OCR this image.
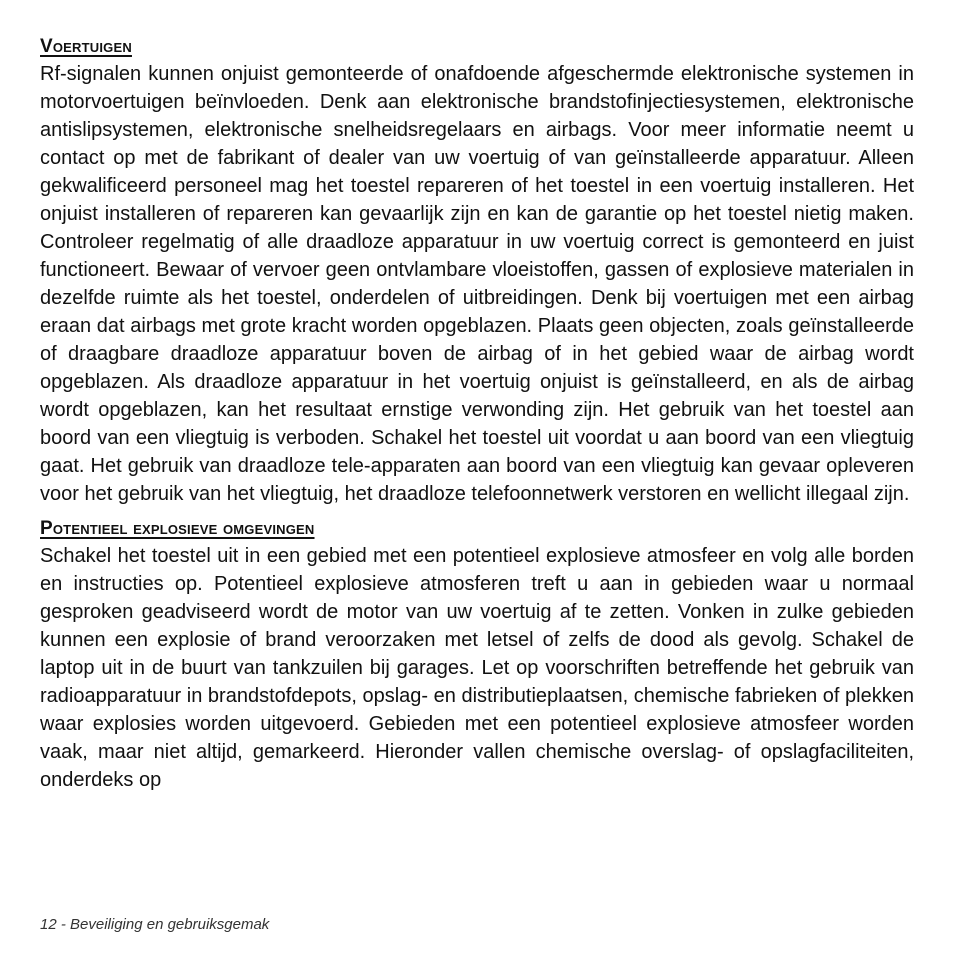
Voertuigen

Rf-signalen kunnen onjuist gemonteerde of onafdoende afgeschermde elektronische systemen in motorvoertuigen beïnvloeden. Denk aan elektronische brandstofinjectiesystemen, elektronische antislipsystemen, elektronische snelheidsregelaars en airbags. Voor meer informatie neemt u contact op met de fabrikant of dealer van uw voertuig of van geïnstalleerde apparatuur. Alleen gekwalificeerd personeel mag het toestel repareren of het toestel in een voertuig installeren. Het onjuist installeren of repareren kan gevaarlijk zijn en kan de garantie op het toestel nietig maken. Controleer regelmatig of alle draadloze apparatuur in uw voertuig correct is gemonteerd en juist functioneert. Bewaar of vervoer geen ontvlambare vloeistoffen, gassen of explosieve materialen in dezelfde ruimte als het toestel, onderdelen of uitbreidingen. Denk bij voertuigen met een airbag eraan dat airbags met grote kracht worden opgeblazen. Plaats geen objecten, zoals geïnstalleerde of draagbare draadloze apparatuur boven de airbag of in het gebied waar de airbag wordt opgeblazen. Als draadloze apparatuur in het voertuig onjuist is geïnstalleerd, en als de airbag wordt opgeblazen, kan het resultaat ernstige verwonding zijn. Het gebruik van het toestel aan boord van een vliegtuig is verboden. Schakel het toestel uit voordat u aan boord van een vliegtuig gaat. Het gebruik van draadloze tele-apparaten aan boord van een vliegtuig kan gevaar opleveren voor het gebruik van het vliegtuig, het draadloze telefoonnetwerk verstoren en wellicht illegaal zijn.

Potentieel explosieve omgevingen

Schakel het toestel uit in een gebied met een potentieel explosieve atmosfeer en volg alle borden en instructies op. Potentieel explosieve atmosferen treft u aan in gebieden waar u normaal gesproken geadviseerd wordt de motor van uw voertuig af te zetten. Vonken in zulke gebieden kunnen een explosie of brand veroorzaken met letsel of zelfs de dood als gevolg. Schakel de laptop uit in de buurt van tankzuilen bij garages. Let op voorschriften betreffende het gebruik van radioapparatuur in brandstofdepots, opslag- en distributieplaatsen, chemische fabrieken of plekken waar explosies worden uitgevoerd. Gebieden met een potentieel explosieve atmosfeer worden vaak, maar niet altijd, gemarkeerd. Hieronder vallen chemische overslag- of opslagfaciliteiten, onderdeks op

12 - Beveiliging en gebruiksgemak
